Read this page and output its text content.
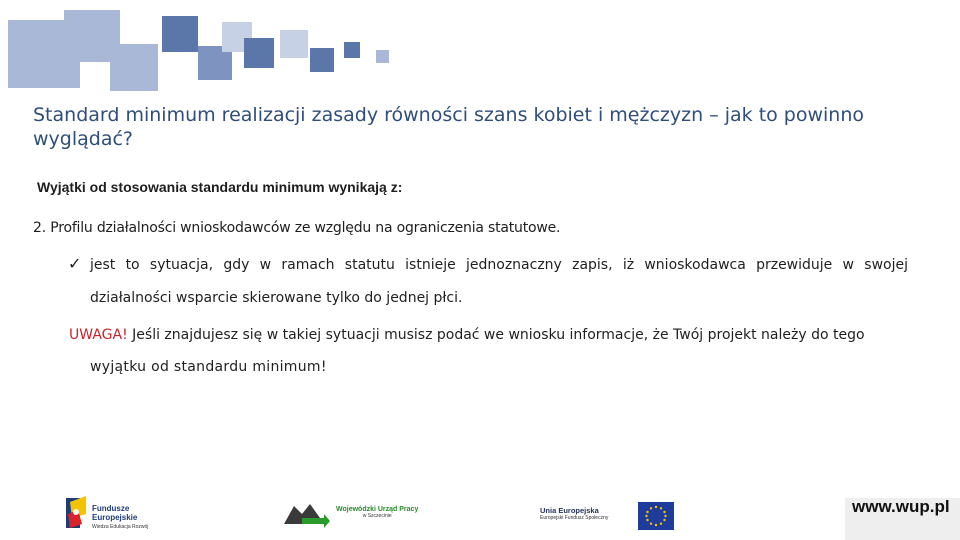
Standard minimum realizacji zasady równości szans kobiet i mężczyzn – jak to powinno wyglądać?
Wyjątki od stosowania standardu minimum wynikają z:
2. Profilu działalności wnioskodawców ze względu na ograniczenia statutowe.
✓ jest to sytuacja, gdy w ramach statutu istnieje jednoznaczny zapis, iż wnioskodawca przewiduje w swojej
działalności wsparcie skierowane tylko do jednej płci.
UWAGA! Jeśli znajdujesz się w takiej sytuacji musisz podać we wniosku informacje, że Twój projekt należy do tego
wyjątku od standardu minimum!
Fundusze
Europejskie
Wiedza Edukacja Rozwój
Wojewódzki Urząd Pracy
w Szczecinie
Unia Europejska
Europejski Fundusz Społeczny
www.wup.pl
